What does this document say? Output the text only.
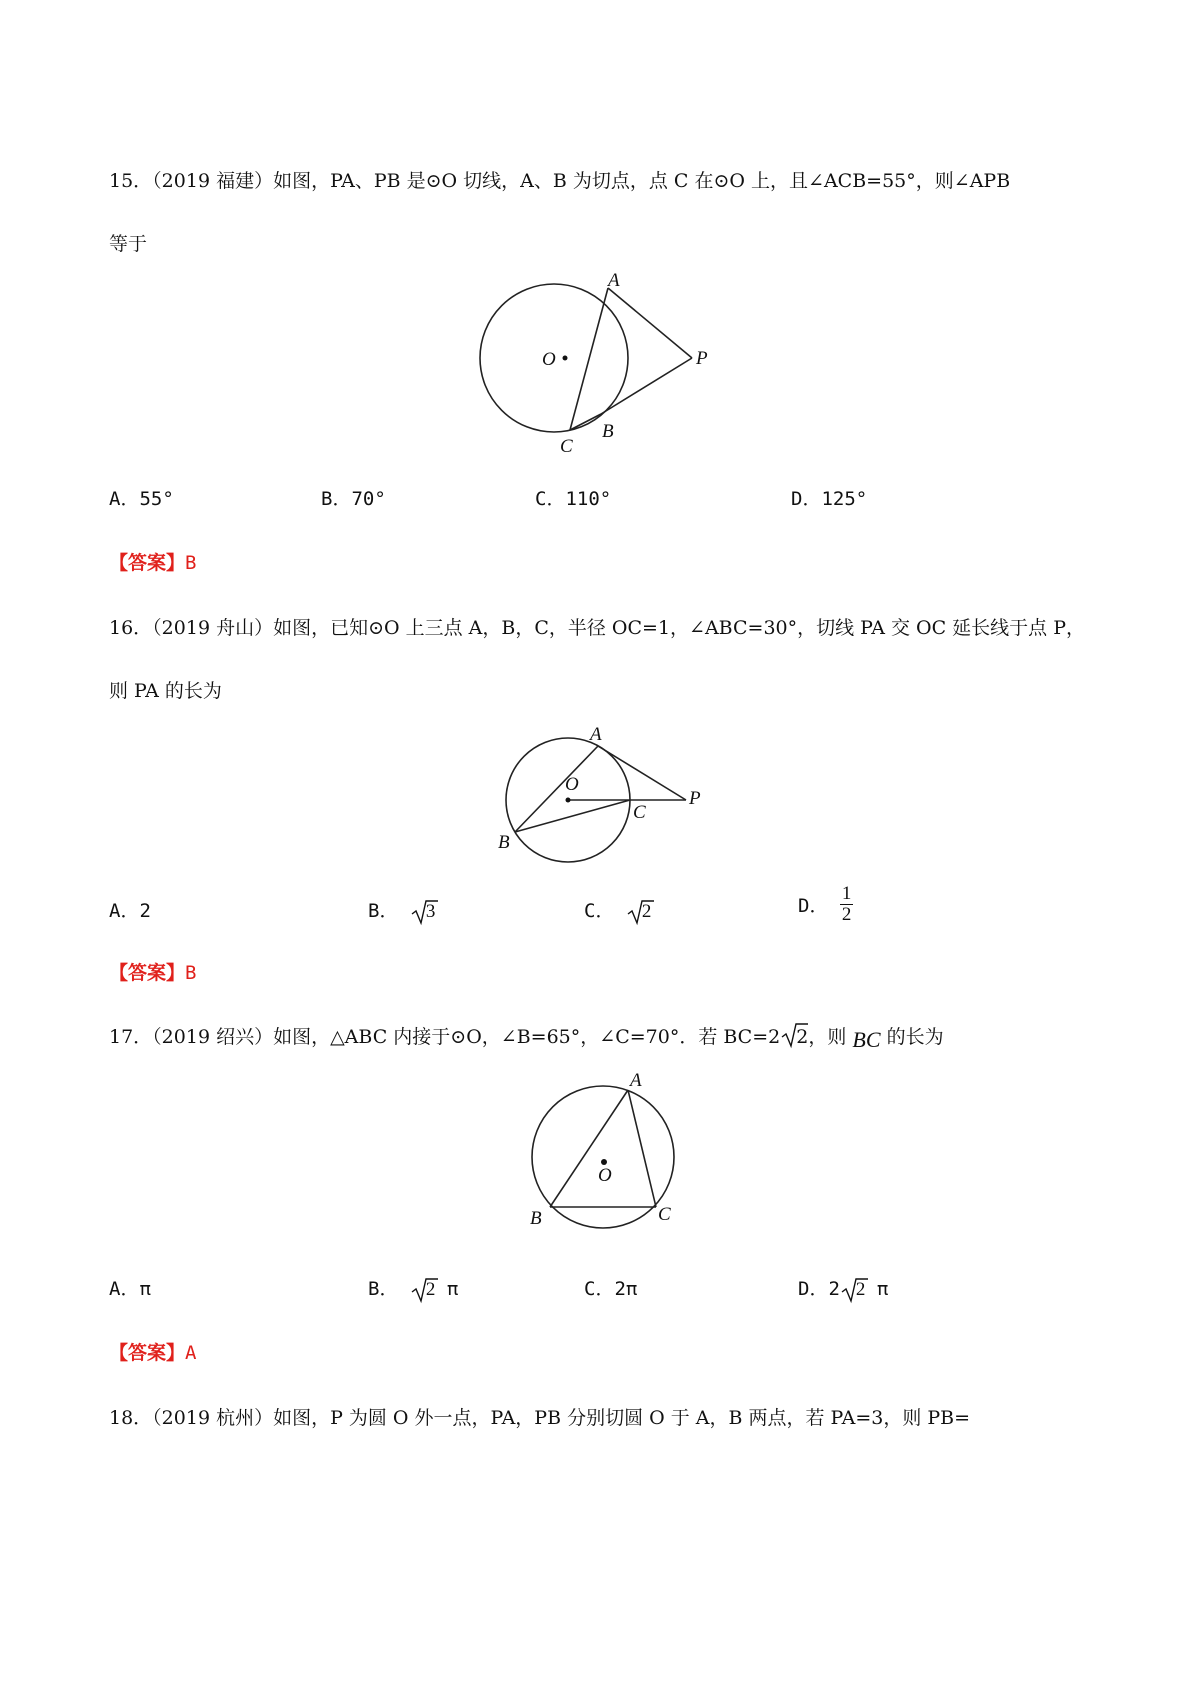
15．（2019 福建）如图，PA、PB 是⊙O 切线，A、B 为切点，点 C 在⊙O 上，且∠ACB=55°，则∠APB
等于
A
O	P
C
B
A．55°	B．70°	C．110°	D．125°
【答案】B
16．（2019 舟山）如图，已知⊙O 上三点 A，B，C，半径 OC=1，∠ABC=30°，切线 PA 交 OC 延长线于点 P，
则 PA 的长为
A
O
P
C
B
A．2	B． 3	C． 2	D． $\frac{1}{2}$
【答案】B
17．（2019 绍兴）如图，△ABC 内接于⊙O，∠B=65°，∠C=70°．若 BC=2 2，则 BC 的长为
A
O
B	C
A．π	B． 2 π	C．2π	D．2 2 π
【答案】A
18．（2019 杭州）如图，P 为圆 O 外一点，PA，PB 分别切圆 O 于 A，B 两点，若 PA=3，则 PB=
